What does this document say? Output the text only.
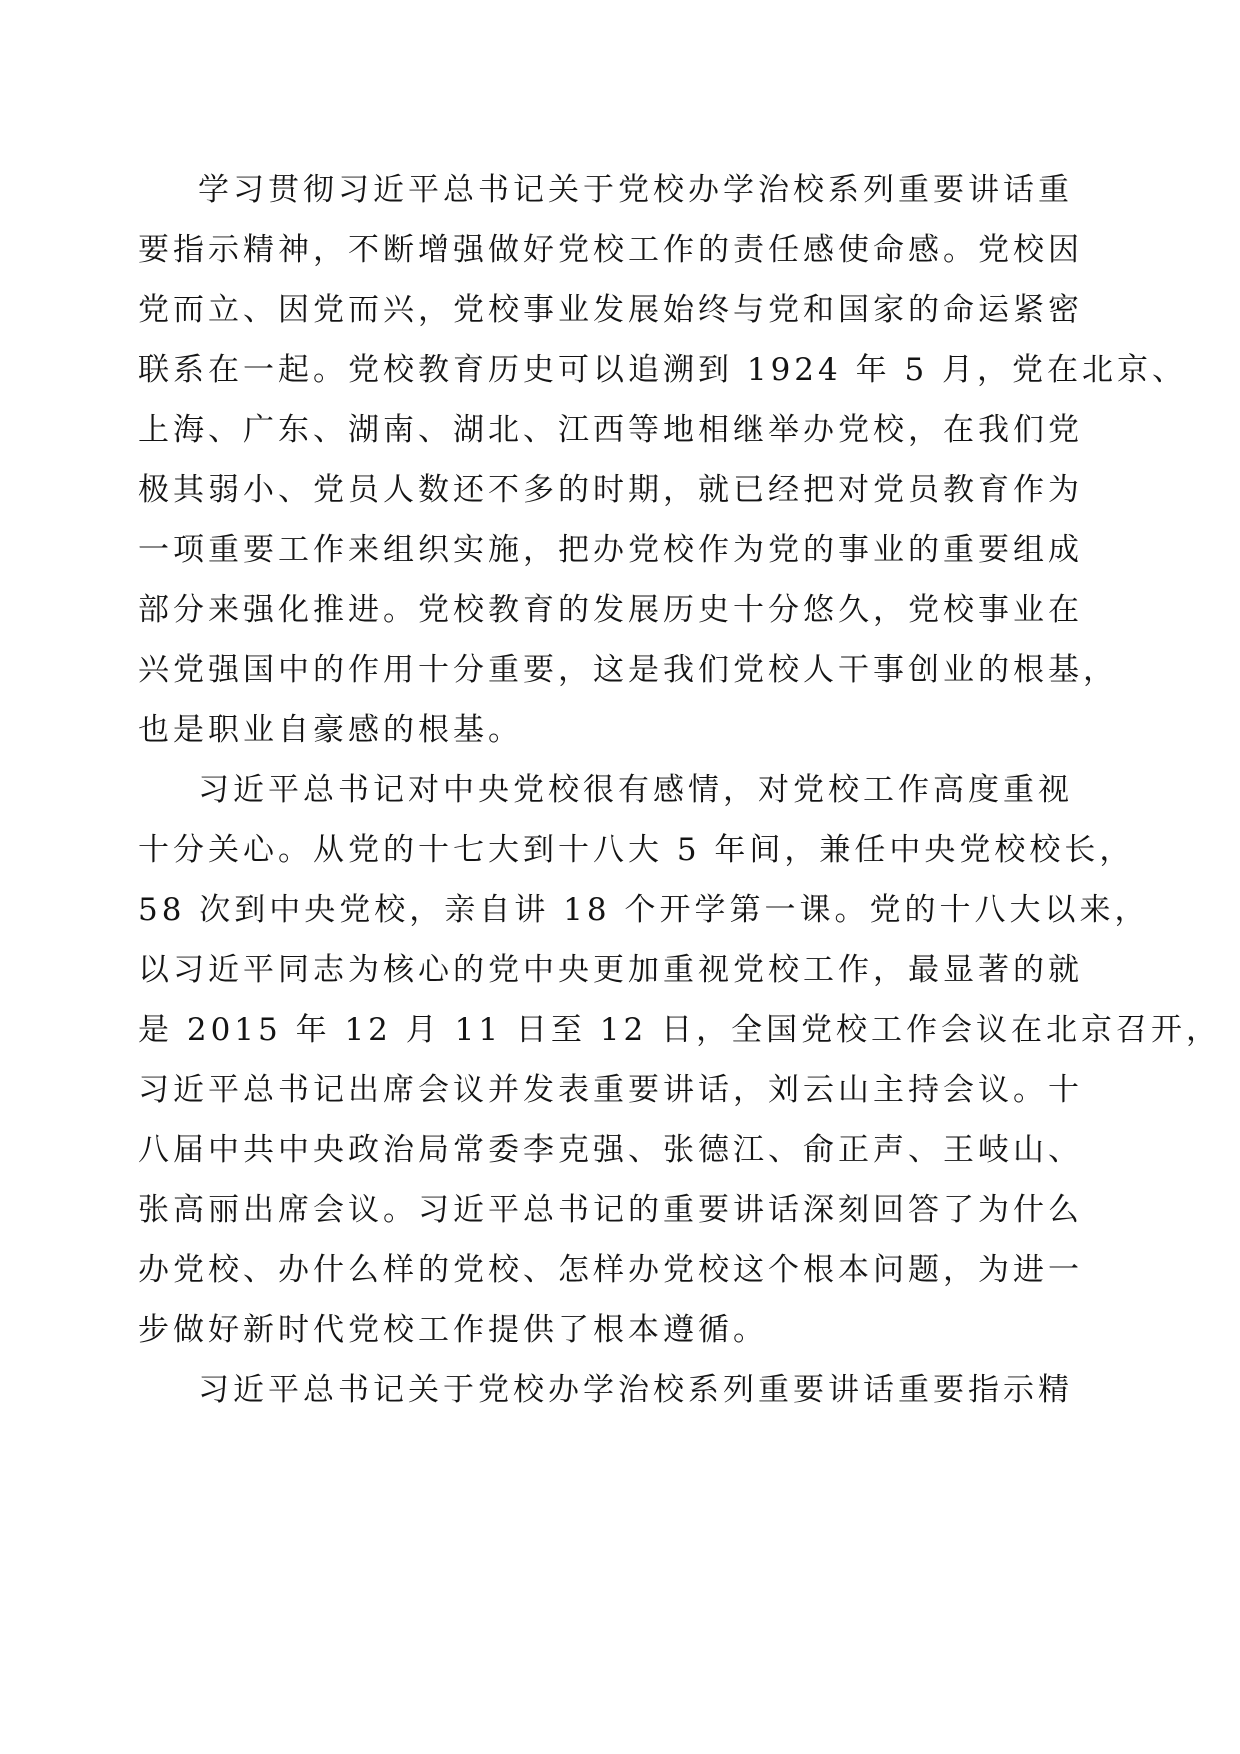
学习贯彻习近平总书记关于党校办学治校系列重要讲话重

要指示精神，不断增强做好党校工作的责任感使命感。党校因

党而立、因党而兴，党校事业发展始终与党和国家的命运紧密

联系在一起。党校教育历史可以追溯到 1924 年 5 月，党在北京、

上海、广东、湖南、湖北、江西等地相继举办党校，在我们党

极其弱小、党员人数还不多的时期，就已经把对党员教育作为

一项重要工作来组织实施，把办党校作为党的事业的重要组成

部分来强化推进。党校教育的发展历史十分悠久，党校事业在

兴党强国中的作用十分重要，这是我们党校人干事创业的根基，

也是职业自豪感的根基。

习近平总书记对中央党校很有感情，对党校工作高度重视

十分关心。从党的十七大到十八大 5 年间，兼任中央党校校长，

58 次到中央党校，亲自讲 18 个开学第一课。党的十八大以来，

以习近平同志为核心的党中央更加重视党校工作，最显著的就

是 2015 年 12 月 11 日至 12 日，全国党校工作会议在北京召开，

习近平总书记出席会议并发表重要讲话，刘云山主持会议。十

八届中共中央政治局常委李克强、张德江、俞正声、王岐山、

张高丽出席会议。习近平总书记的重要讲话深刻回答了为什么

办党校、办什么样的党校、怎样办党校这个根本问题，为进一

步做好新时代党校工作提供了根本遵循。

习近平总书记关于党校办学治校系列重要讲话重要指示精
